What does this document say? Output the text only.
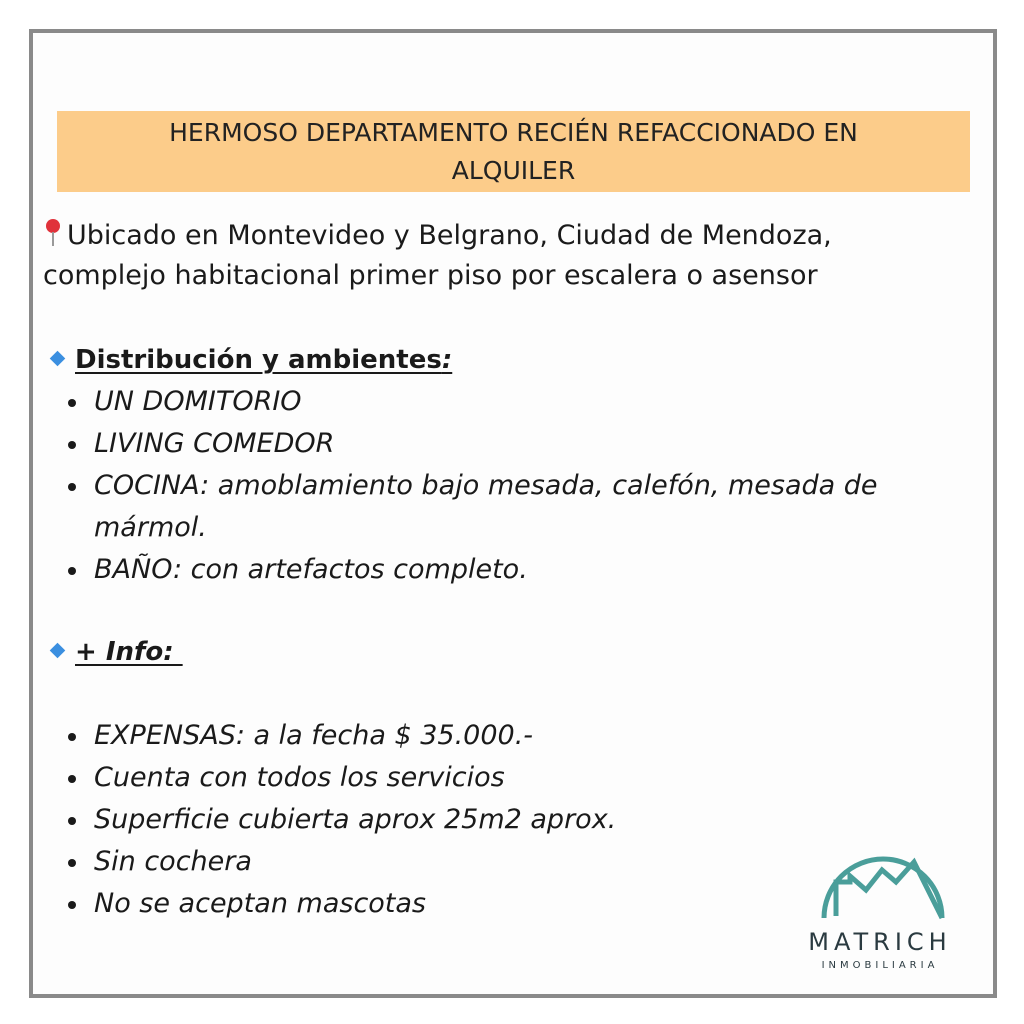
HERMOSO DEPARTAMENTO RECIÉN REFACCIONADO EN
ALQUILER
Ubicado en Montevideo y Belgrano, Ciudad de Mendoza,
complejo habitacional primer piso por escalera o asensor
Distribución y ambientes:
UN DOMITORIO
LIVING COMEDOR
COCINA: amoblamiento bajo mesada, calefón, mesada de mármol.
BAÑO: con artefactos completo.
+ Info:
EXPENSAS: a la fecha $ 35.000.-
Cuenta con todos los servicios
Superficie cubierta aprox 25m2 aprox.
Sin cochera
No se aceptan mascotas
MATRICH
INMOBILIARIA
